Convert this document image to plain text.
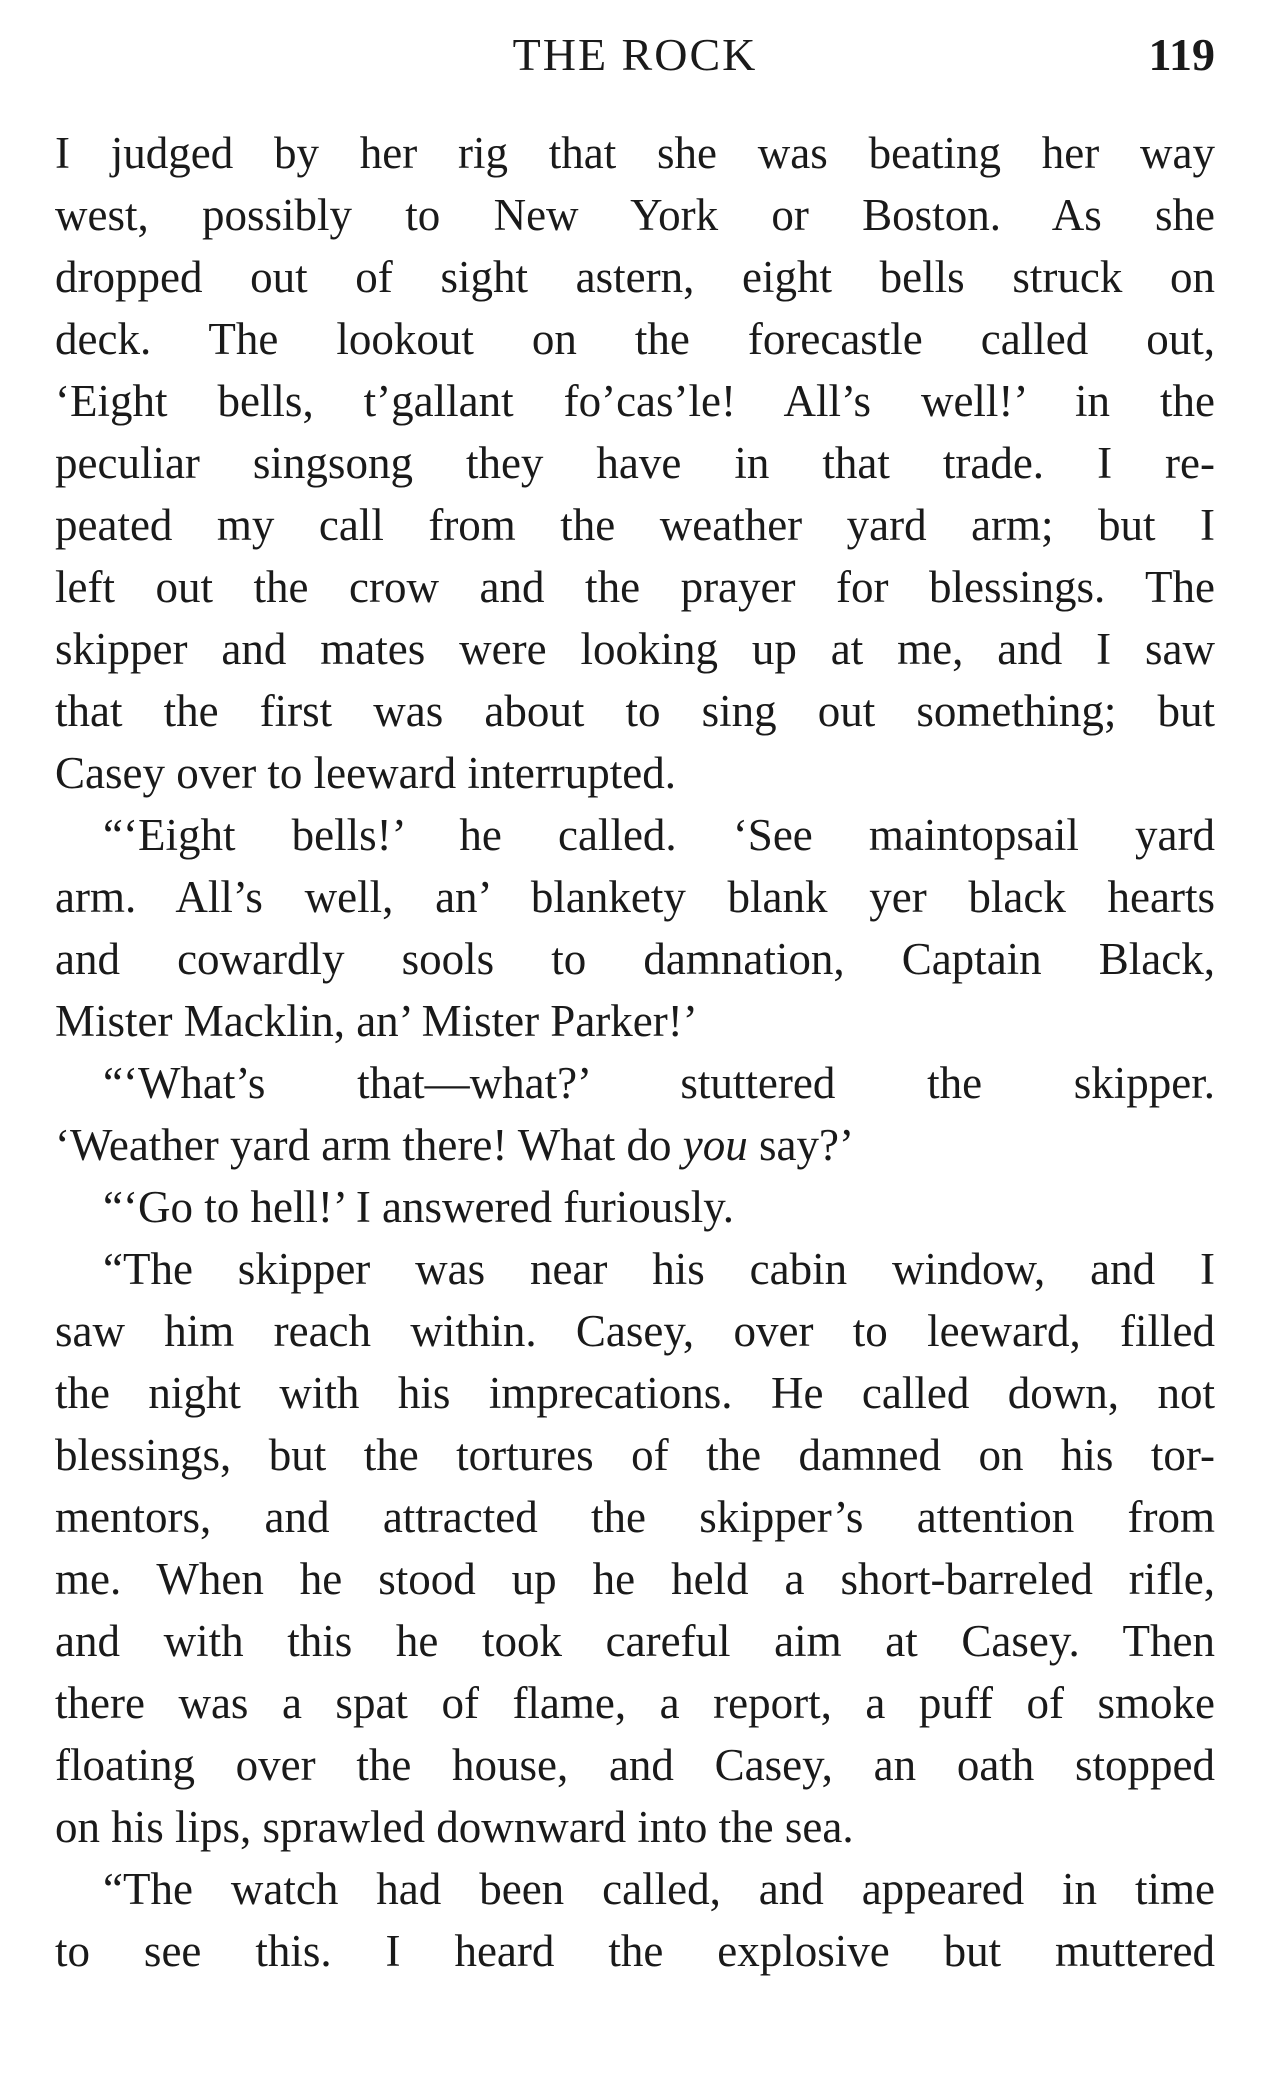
THE ROCK	119
I judged by her rig that she was beating her way
west, possibly to New York or Boston. As she
dropped out of sight astern, eight bells struck on
deck. The lookout on the forecastle called out,
‘Eight bells, t’gallant fo’cas’le! All’s well!’ in the
peculiar singsong they have in that trade. I re-
peated my call from the weather yard arm; but I
left out the crow and the prayer for blessings. The
skipper and mates were looking up at me, and I saw
that the first was about to sing out something; but
Casey over to leeward interrupted.
“‘Eight bells!’ he called. ‘See maintopsail yard
arm. All’s well, an’ blankety blank yer black hearts
and cowardly sools to damnation, Captain Black,
Mister Macklin, an’ Mister Parker!’
“‘What’s that—what?’ stuttered the skipper.
‘Weather yard arm there! What do you say?’
“‘Go to hell!’ I answered furiously.
“The skipper was near his cabin window, and I
saw him reach within. Casey, over to leeward, filled
the night with his imprecations. He called down, not
blessings, but the tortures of the damned on his tor-
mentors, and attracted the skipper’s attention from
me. When he stood up he held a short-barreled rifle,
and with this he took careful aim at Casey. Then
there was a spat of flame, a report, a puff of smoke
floating over the house, and Casey, an oath stopped
on his lips, sprawled downward into the sea.
“The watch had been called, and appeared in time
to see this. I heard the explosive but muttered
